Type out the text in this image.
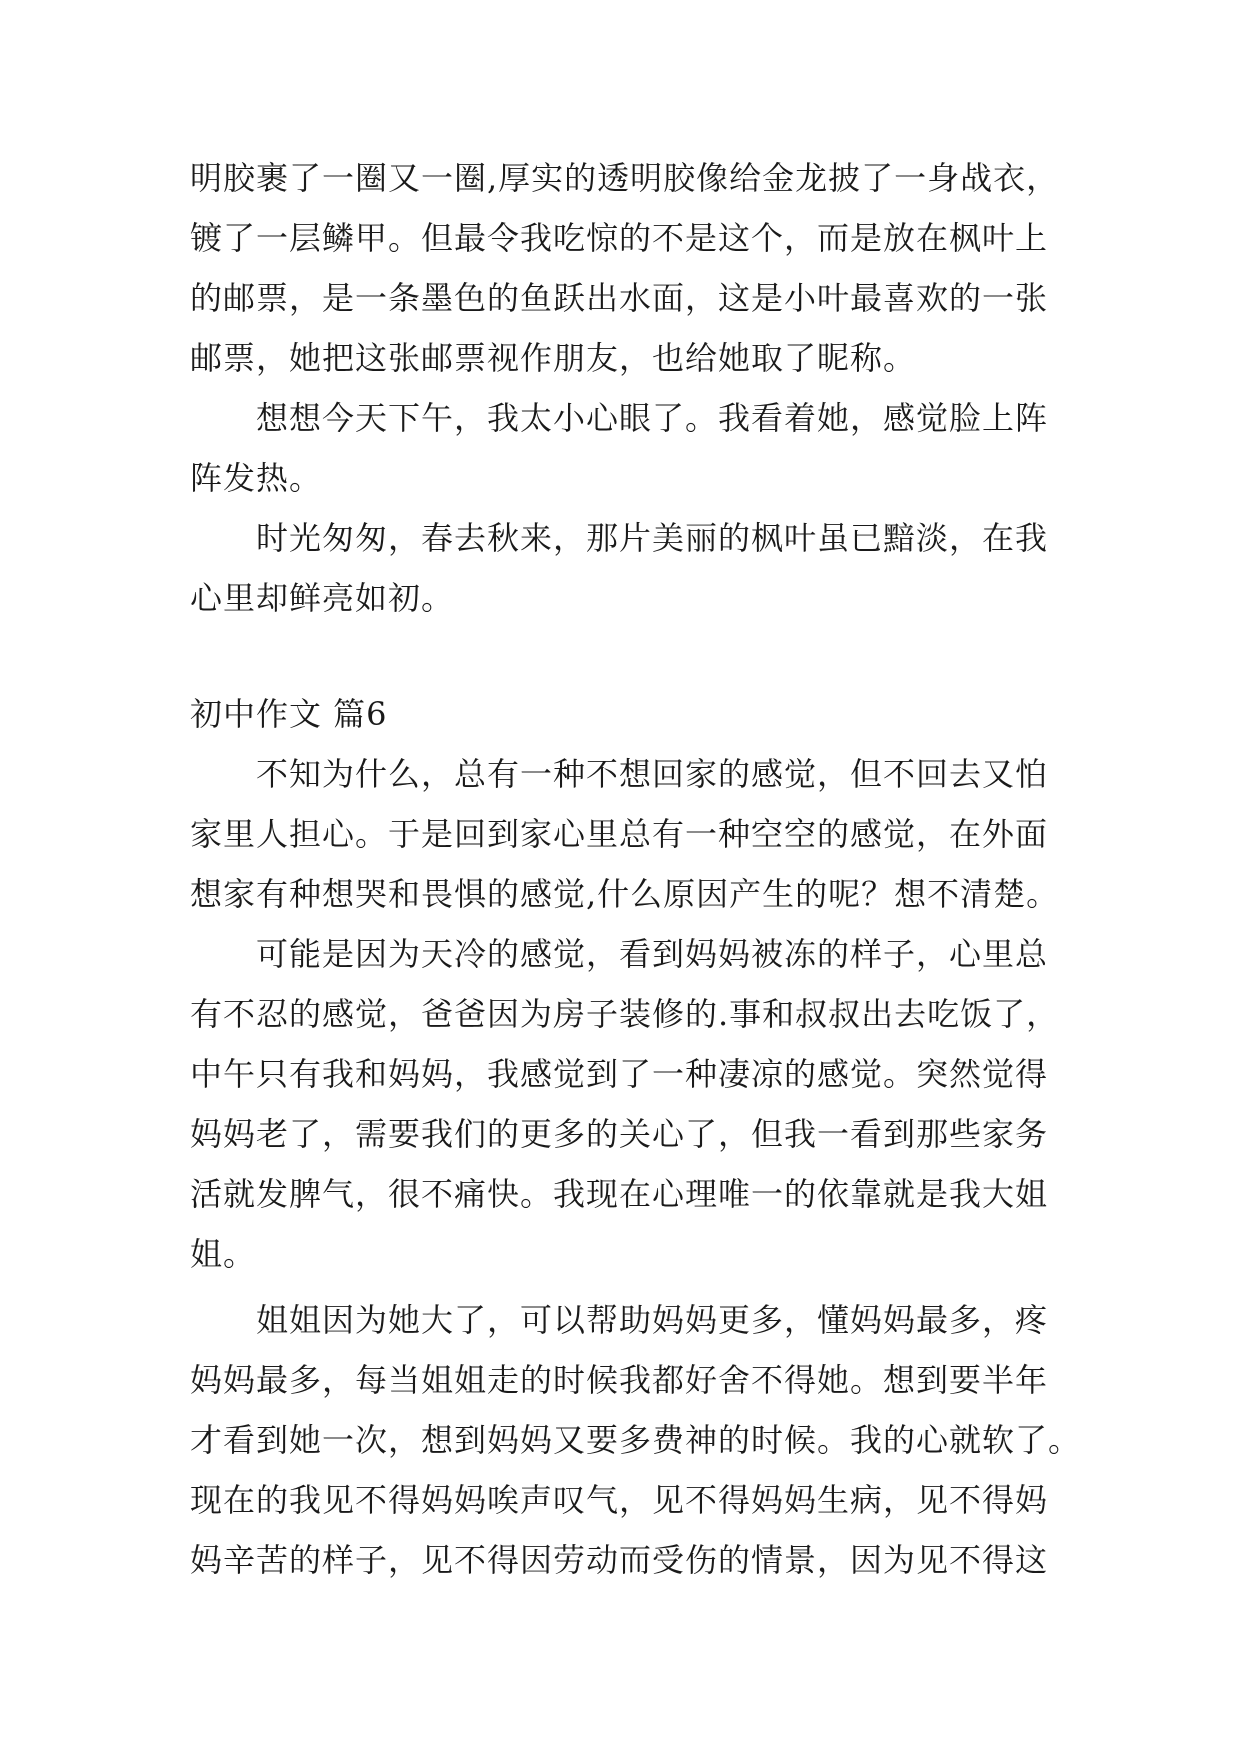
明胶裹了一圈又一圈,厚实的透明胶像给金龙披了一身战衣，
镀了一层鳞甲。但最令我吃惊的不是这个，而是放在枫叶上
的邮票，是一条墨色的鱼跃出水面，这是小叶最喜欢的一张
邮票，她把这张邮票视作朋友，也给她取了昵称。
想想今天下午，我太小心眼了。我看着她，感觉脸上阵
阵发热。
时光匆匆，春去秋来，那片美丽的枫叶虽已黯淡，在我
心里却鲜亮如初。
初中作文 篇6
不知为什么，总有一种不想回家的感觉，但不回去又怕
家里人担心。于是回到家心里总有一种空空的感觉，在外面
想家有种想哭和畏惧的感觉,什么原因产生的呢？想不清楚。
可能是因为天冷的感觉，看到妈妈被冻的样子，心里总
有不忍的感觉，爸爸因为房子装修的.事和叔叔出去吃饭了，
中午只有我和妈妈，我感觉到了一种凄凉的感觉。突然觉得
妈妈老了，需要我们的更多的关心了，但我一看到那些家务
活就发脾气，很不痛快。我现在心理唯一的依靠就是我大姐
姐。
姐姐因为她大了，可以帮助妈妈更多，懂妈妈最多，疼
妈妈最多，每当姐姐走的时候我都好舍不得她。想到要半年
才看到她一次，想到妈妈又要多费神的时候。我的心就软了。
现在的我见不得妈妈唉声叹气，见不得妈妈生病，见不得妈
妈辛苦的样子，见不得因劳动而受伤的情景，因为见不得这
